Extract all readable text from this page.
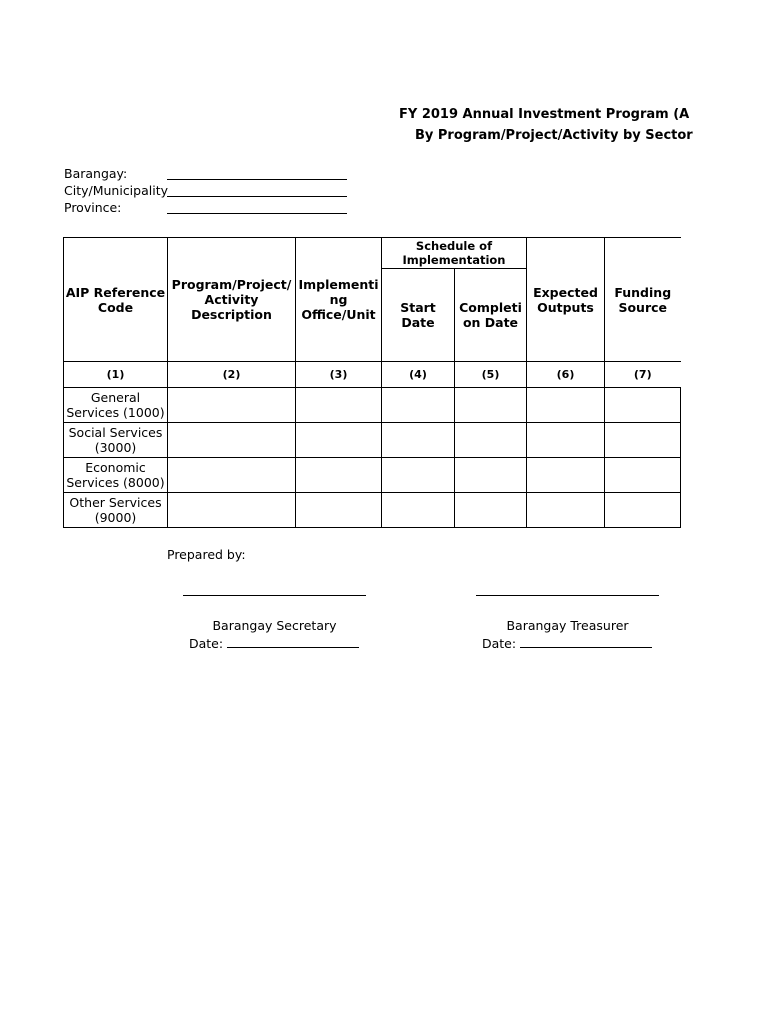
FY 2019 Annual Investment Program (A
By Program/Project/Activity by Sector
Barangay:
City/Municipality
Province:
AIP Reference Code	Program/Project/ Activity Description	Implementi ng Office/Unit	Schedule of Implementation		Expected Outputs	Funding Source
			Start Date	Completi on Date		
(1)	(2)	(3)	(4)	(5)	(6)	(7)
General Services (1000)						
Social Services (3000)						
Economic Services (8000)						
Other Services (9000)						
Prepared by:
Barangay Secretary
Date:
Barangay Treasurer
Date:
